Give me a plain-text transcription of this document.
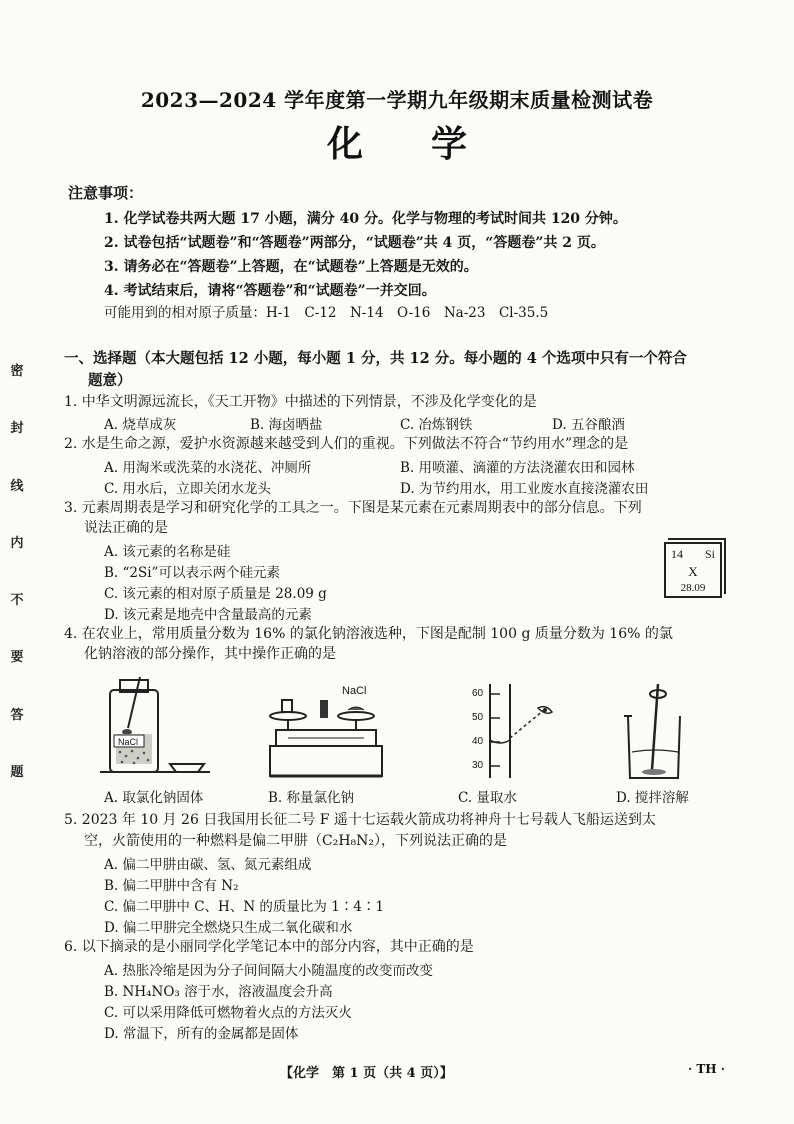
密
封
线
内
不
要
答
题
2023—2024 学年度第一学期九年级期末质量检测试卷
化学
注意事项：
1. 化学试卷共两大题 17 小题，满分 40 分。化学与物理的考试时间共 120 分钟。
2. 试卷包括“试题卷”和“答题卷”两部分，“试题卷”共 4 页，“答题卷”共 2 页。
3. 请务必在“答题卷”上答题，在“试题卷”上答题是无效的。
4. 考试结束后，请将“答题卷”和“试题卷”一并交回。
可能用到的相对原子质量：H-1　C-12　N-14　O-16　Na-23　Cl-35.5
一、选择题（本大题包括 12 小题，每小题 1 分，共 12 分。每小题的 4 个选项中只有一个符合
题意）
1. 中华文明源远流长，《天工开物》中描述的下列情景，不涉及化学变化的是
A. 烧草成灰	B. 海卤晒盐	C. 冶炼钢铁	D. 五谷酿酒
2. 水是生命之源，爱护水资源越来越受到人们的重视。下列做法不符合“节约用水”理念的是
A. 用淘米或洗菜的水浇花、冲厕所	B. 用喷灌、滴灌的方法浇灌农田和园林
C. 用水后，立即关闭水龙头	D. 为节约用水，用工业废水直接浇灌农田
3. 元素周期表是学习和研究化学的工具之一。下图是某元素在元素周期表中的部分信息。下列
说法正确的是
A. 该元素的名称是硅
B. “2Si”可以表示两个硅元素
C. 该元素的相对原子质量是 28.09 g
D. 该元素是地壳中含量最高的元素
14 Si
X
28.09
4. 在农业上，常用质量分数为 16% 的氯化钠溶液选种，下图是配制 100 g 质量分数为 16% 的氯
化钠溶液的部分操作，其中操作正确的是
NaCl
NaCl	60
50
40
30
A. 取氯化钠固体	B. 称量氯化钠	C. 量取水	D. 搅拌溶解
5. 2023 年 10 月 26 日我国用长征二号 F 遥十七运载火箭成功将神舟十七号载人飞船运送到太
空，火箭使用的一种燃料是偏二甲肼（C₂H₈N₂），下列说法正确的是
A. 偏二甲肼由碳、氢、氮元素组成
B. 偏二甲肼中含有 N₂
C. 偏二甲肼中 C、H、N 的质量比为 1∶4∶1
D. 偏二甲肼完全燃烧只生成二氧化碳和水
6. 以下摘录的是小丽同学化学笔记本中的部分内容，其中正确的是
A. 热胀冷缩是因为分子间间隔大小随温度的改变而改变
B. NH₄NO₃ 溶于水，溶液温度会升高
C. 可以采用降低可燃物着火点的方法灭火
D. 常温下，所有的金属都是固体
【化学　第 1 页（共 4 页）】	· TH ·
